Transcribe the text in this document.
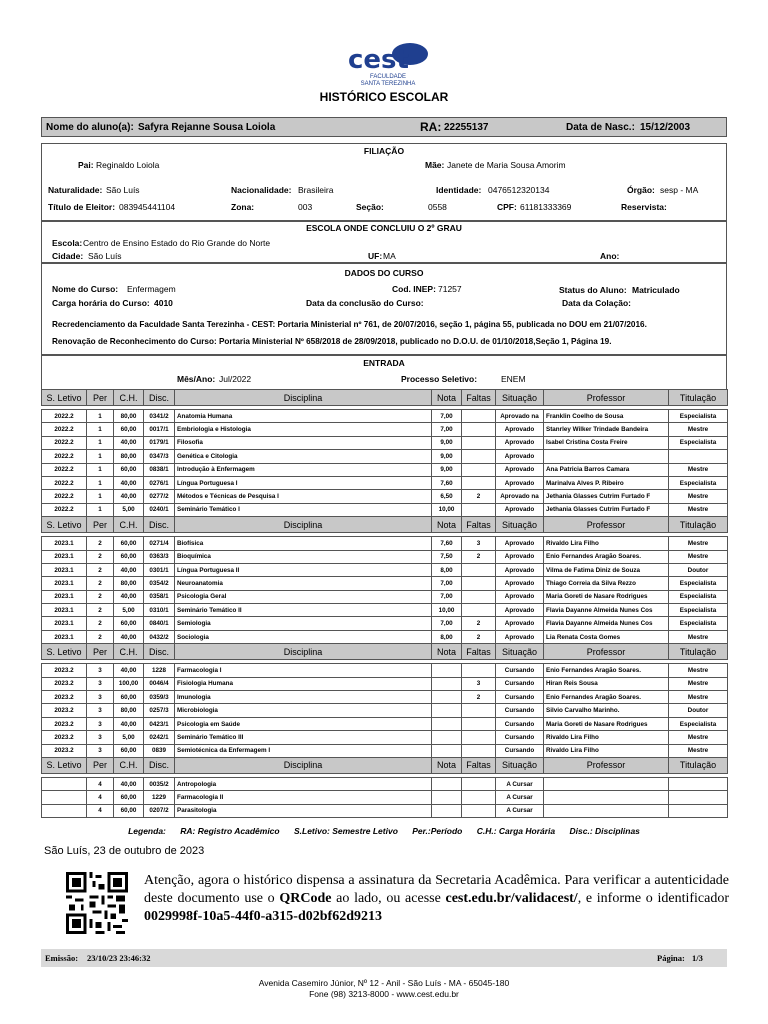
cest
FACULDADE
SANTA TEREZINHA
HISTÓRICO ESCOLAR
Nome do aluno(a): Safyra Rejanne Sousa Loiola	RA: 22255137	Data de Nasc.: 15/12/2003
FILIAÇÃO
Pai: Reginaldo Loiola	Mãe: Janete de Maria Sousa Amorim
Naturalidade: São Luís	Nacionalidade: Brasileira	Identidade: 0476512320134	Órgão: sesp - MA
Título de Eleitor: 083945441104	Zona:	003	Seção:	0558	CPF: 61181333369	Reservista:
ESCOLA ONDE CONCLUIU O 2º GRAU
Escola: Centro de Ensino Estado do Rio Grande do Norte
Cidade: São Luís	UF: MA	Ano:
DADOS DO CURSO
Nome do Curso: Enfermagem	Cod. INEP: 71257	Status do Aluno: Matriculado
Carga horária do Curso: 4010	Data da conclusão do Curso:	Data da Colação:
Recredenciamento da Faculdade Santa Terezinha - CEST: Portaria Ministerial nº 761, de 20/07/2016, seção 1, página 55, publicada no DOU em 21/07/2016.
Renovação de Reconhecimento do Curso: Portaria Ministerial Nº 658/2018 de 28/09/2018, publicado no D.O.U. de 01/10/2018,Seção 1, Página 19.
ENTRADA
Mês/Ano: Jul/2022	Processo Seletivo:	ENEM
S. Letivo	Per	C.H.	Disc.	Disciplina	Nota	Faltas	Situação	Professor	Titulação

2022.2	1	80,00	0341/2	Anatomia Humana	7,00		Aprovado na	Franklin Coelho de Sousa	Especialista
2022.2	1	60,00	0017/1	Embriologia e Histologia	7,00		Aprovado	Stanrley Wilker Trindade Bandeira	Mestre
2022.2	1	40,00	0179/1	Filosofia	9,00		Aprovado	Isabel Cristina Costa Freire	Especialista
2022.2	1	80,00	0347/3	Genética e Citologia	9,00		Aprovado		
2022.2	1	60,00	0838/1	Introdução à Enfermagem	9,00		Aprovado	Ana Patricia Barros Camara	Mestre
2022.2	1	40,00	0276/1	Língua Portuguesa I	7,60		Aprovado	Marinalva Alves P. Ribeiro	Especialista
2022.2	1	40,00	0277/2	Métodos e Técnicas de Pesquisa I	6,50	2	Aprovado na	Jethania Glasses Cutrim Furtado F	Mestre
2022.2	1	5,00	0240/1	Seminário Temático I	10,00		Aprovado	Jethania Glasses Cutrim Furtado F	Mestre
S. Letivo	Per	C.H.	Disc.	Disciplina	Nota	Faltas	Situação	Professor	Titulação

2023.1	2	60,00	0271/4	Biofísica	7,60	3	Aprovado	Rivaldo Lira Filho	Mestre
2023.1	2	60,00	0363/3	Bioquímica	7,50	2	Aprovado	Enio Fernandes Aragão Soares.	Mestre
2023.1	2	40,00	0301/1	Língua Portuguesa II	8,00		Aprovado	Vilma de Fatima Diniz de Souza	Doutor
2023.1	2	80,00	0354/2	Neuroanatomia	7,00		Aprovado	Thiago Correia da Silva Rezzo	Especialista
2023.1	2	40,00	0358/1	Psicologia Geral	7,00		Aprovado	Maria Goreti de Nasare Rodrigues	Especialista
2023.1	2	5,00	0310/1	Seminário Temático II	10,00		Aprovado	Flavia Dayanne Almeida Nunes Cos	Especialista
2023.1	2	60,00	0840/1	Semiologia	7,00	2	Aprovado	Flavia Dayanne Almeida Nunes Cos	Especialista
2023.1	2	40,00	0432/2	Sociologia	8,00	2	Aprovado	Lia Renata Costa Gomes	Mestre
S. Letivo	Per	C.H.	Disc.	Disciplina	Nota	Faltas	Situação	Professor	Titulação

2023.2	3	40,00	1228	Farmacologia I			Cursando	Enio Fernandes Aragão Soares.	Mestre
2023.2	3	100,00	0046/4	Fisiologia Humana		3	Cursando	Hiran Reis Sousa	Mestre
2023.2	3	60,00	0359/3	Imunologia		2	Cursando	Enio Fernandes Aragão Soares.	Mestre
2023.2	3	80,00	0257/3	Microbiologia			Cursando	Silvio Carvalho Marinho.	Doutor
2023.2	3	40,00	0423/1	Psicologia em Saúde			Cursando	Maria Goreti de Nasare Rodrigues	Especialista
2023.2	3	5,00	0242/1	Seminário Temático III			Cursando	Rivaldo Lira Filho	Mestre
2023.2	3	60,00	0839	Semiotécnica da Enfermagem I			Cursando	Rivaldo Lira Filho	Mestre
S. Letivo	Per	C.H.	Disc.	Disciplina	Nota	Faltas	Situação	Professor	Titulação

	4	40,00	0035/2	Antropologia			A Cursar		
	4	60,00	1229	Farmacologia II			A Cursar		
	4	60,00	0207/2	Parasitologia			A Cursar		
Legenda: RA: Registro Acadêmico S.Letivo: Semestre Letivo Per.:Período C.H.: Carga Horária Disc.: Disciplinas
São Luís, 23 de outubro de 2023
Atenção, agora o histórico dispensa a assinatura da Secretaria Acadêmica. Para verificar a autenticidade deste documento use o QRCode ao lado, ou acesse cest.edu.br/validacest/, e informe o identificador 0029998f-10a5-44f0-a315-d02bf62d9213
Emissão: 23/10/23 23:46:32	Página: 1/3
Avenida Casemiro Júnior, Nº 12 - Anil - São Luís - MA - 65045-180
Fone (98) 3213-8000 - www.cest.edu.br
